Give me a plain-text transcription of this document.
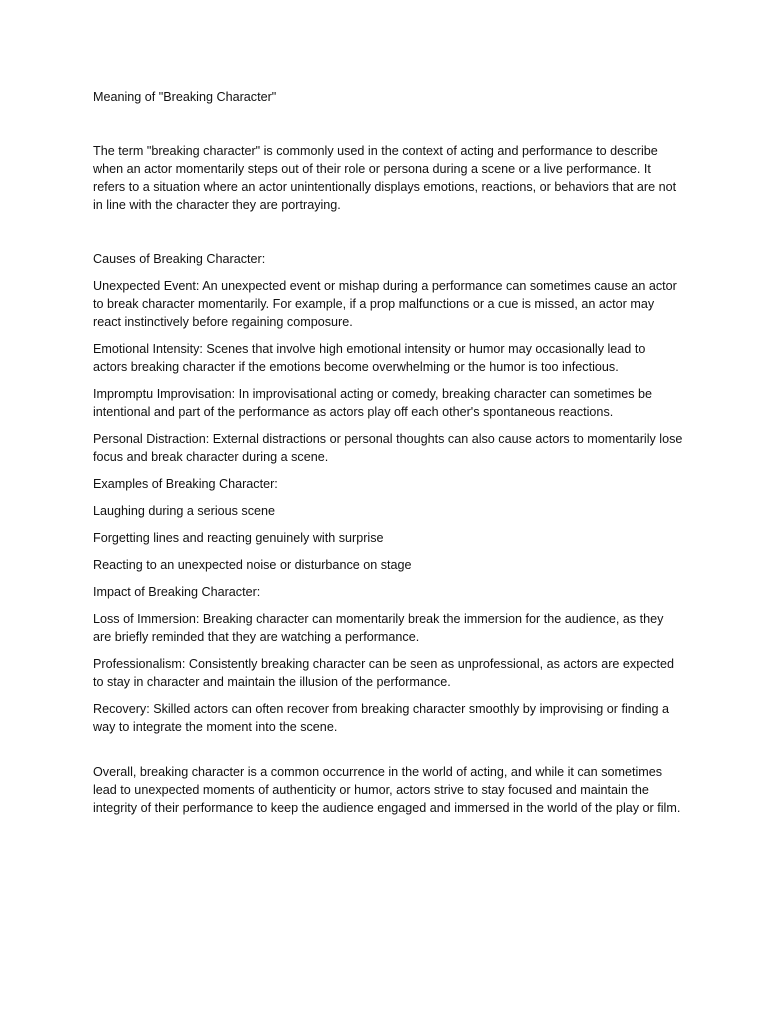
Meaning of "Breaking Character"

The term "breaking character" is commonly used in the context of acting and performance to describe when an actor momentarily steps out of their role or persona during a scene or a live performance. It refers to a situation where an actor unintentionally displays emotions, reactions, or behaviors that are not in line with the character they are portraying.

Causes of Breaking Character:

Unexpected Event: An unexpected event or mishap during a performance can sometimes cause an actor to break character momentarily. For example, if a prop malfunctions or a cue is missed, an actor may react instinctively before regaining composure.

Emotional Intensity: Scenes that involve high emotional intensity or humor may occasionally lead to actors breaking character if the emotions become overwhelming or the humor is too infectious.

Impromptu Improvisation: In improvisational acting or comedy, breaking character can sometimes be intentional and part of the performance as actors play off each other's spontaneous reactions.

Personal Distraction: External distractions or personal thoughts can also cause actors to momentarily lose focus and break character during a scene.

Examples of Breaking Character:

Laughing during a serious scene

Forgetting lines and reacting genuinely with surprise

Reacting to an unexpected noise or disturbance on stage

Impact of Breaking Character:

Loss of Immersion: Breaking character can momentarily break the immersion for the audience, as they are briefly reminded that they are watching a performance.

Professionalism: Consistently breaking character can be seen as unprofessional, as actors are expected to stay in character and maintain the illusion of the performance.

Recovery: Skilled actors can often recover from breaking character smoothly by improvising or finding a way to integrate the moment into the scene.

Overall, breaking character is a common occurrence in the world of acting, and while it can sometimes lead to unexpected moments of authenticity or humor, actors strive to stay focused and maintain the integrity of their performance to keep the audience engaged and immersed in the world of the play or film.
